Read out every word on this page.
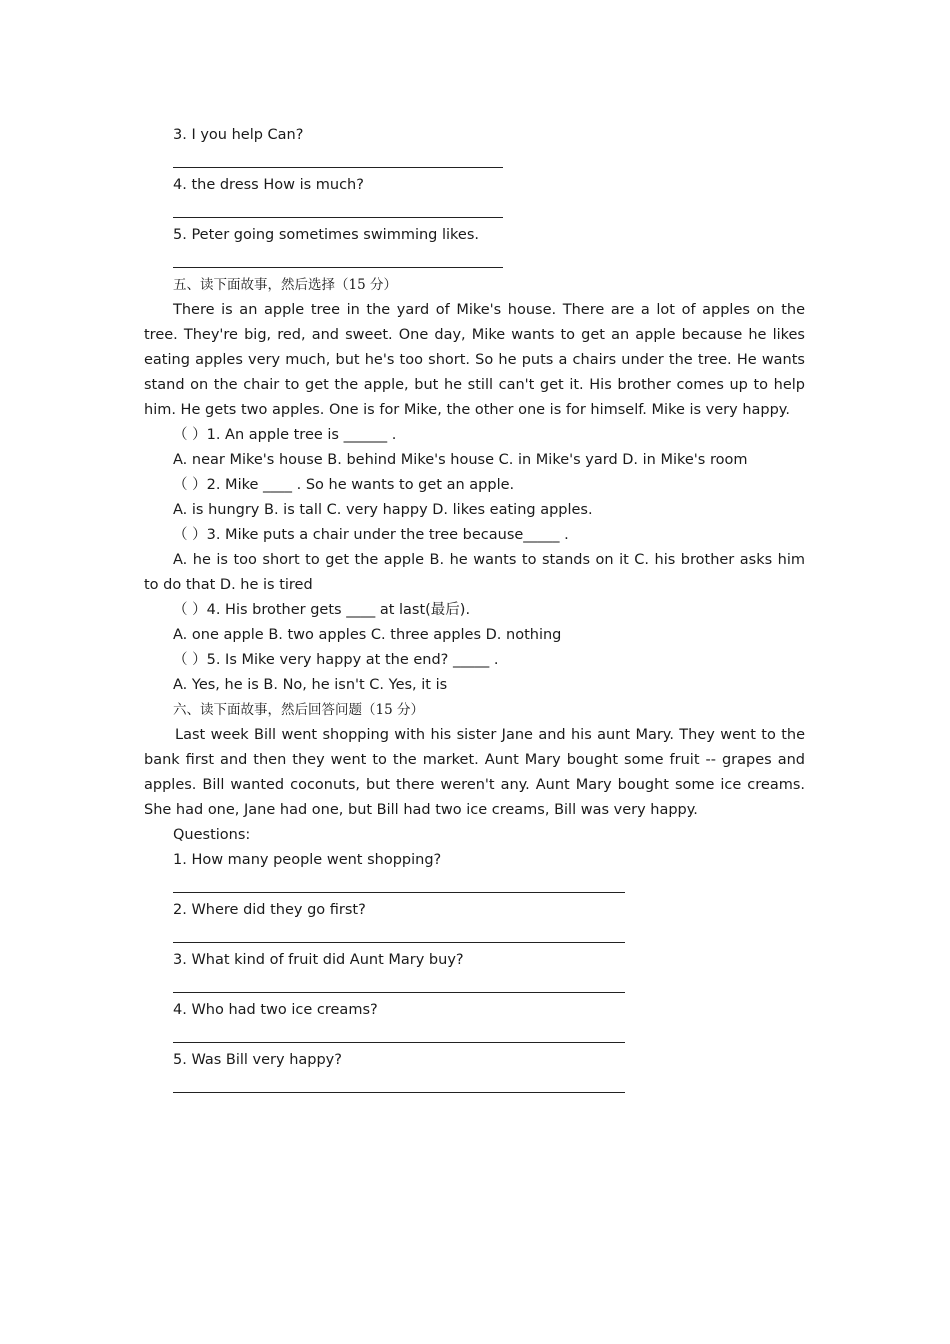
3. I you help Can?
4. the dress How is much?
5. Peter going sometimes swimming likes.
五、读下面故事，然后选择（15 分）

There is an apple tree in the yard of Mike's house. There are a lot of apples on the tree. They're big, red, and sweet. One day, Mike wants to get an apple because he likes eating apples very much, but he's too short. So he puts a chairs under the tree. He wants stand on the chair to get the apple, but he still can't get it. His brother comes up to help him. He gets two apples. One is for Mike, the other one is for himself. Mike is very happy.

（ ）1. An apple tree is ______ .
A. near Mike's house B. behind Mike's house C. in Mike's yard D. in Mike's room
（ ）2. Mike ____ . So he wants to get an apple.
A. is hungry B. is tall C. very happy D. likes eating apples.
（ ）3. Mike puts a chair under the tree because_____ .

A. he is too short to get the apple B. he wants to stands on it C. his brother asks him to do that D. he is tired

（ ）4. His brother gets ____ at last(最后).
A. one apple B. two apples C. three apples D. nothing
（ ）5. Is Mike very happy at the end? _____ .
A. Yes, he is B. No, he isn't C. Yes, it is
六、读下面故事，然后回答问题（15 分）

Last week Bill went shopping with his sister Jane and his aunt Mary. They went to the bank first and then they went to the market. Aunt Mary bought some fruit -- grapes and apples. Bill wanted coconuts, but there weren't any. Aunt Mary bought some ice creams. She had one, Jane had one, but Bill had two ice creams, Bill was very happy.

Questions:
1. How many people went shopping?
2. Where did they go first?
3. What kind of fruit did Aunt Mary buy?
4. Who had two ice creams?
5. Was Bill very happy?
